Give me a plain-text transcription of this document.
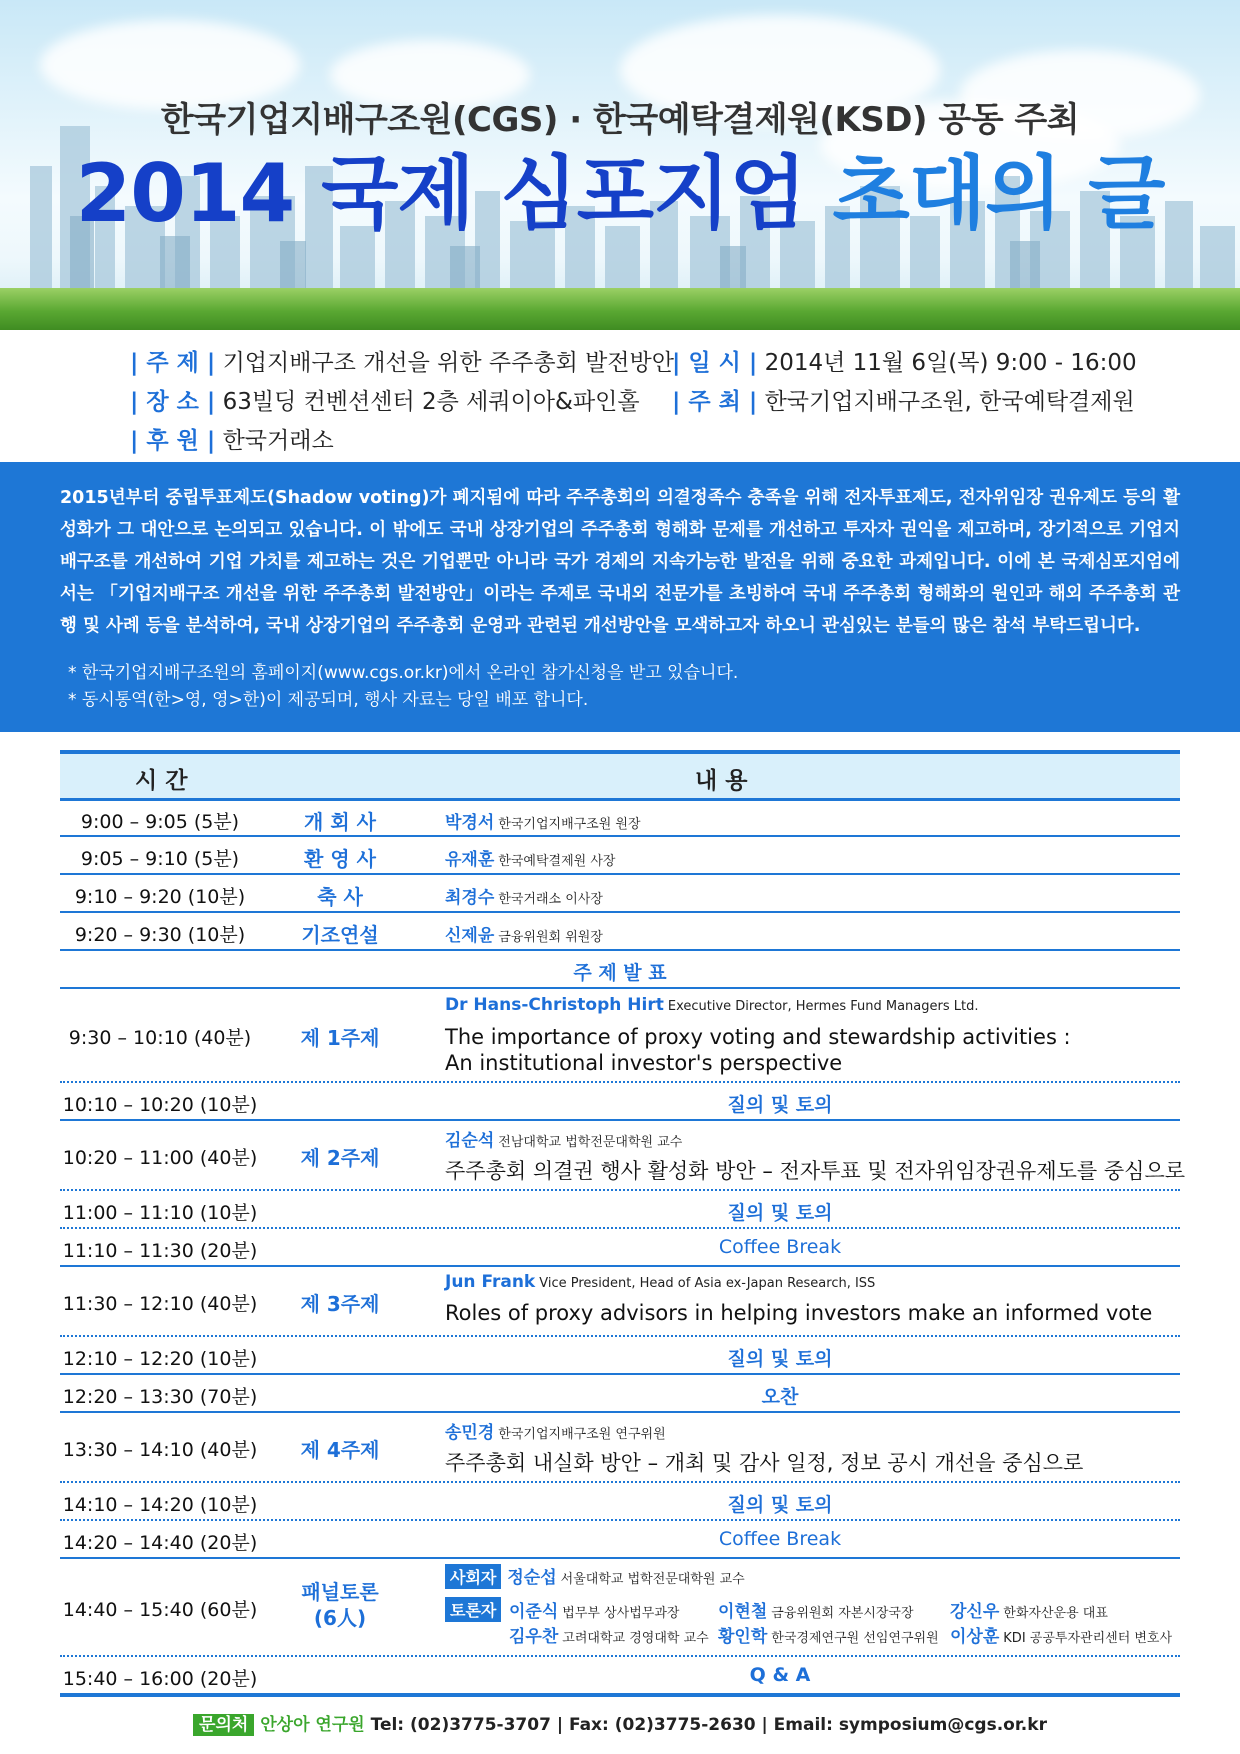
한국기업지배구조원(CGS) · 한국예탁결제원(KSD) 공동 주최
2014 국제 심포지엄 초대의 글
| 주 제 | 기업지배구조 개선을 위한 주주총회 발전방안
| 일 시 | 2014년 11월 6일(목) 9:00 - 16:00
| 장 소 | 63빌딩 컨벤션센터 2층 세쿼이아&파인홀 | 주 최 | 한국기업지배구조원, 한국예탁결제원
| 후 원 | 한국거래소
2015년부터 중립투표제도(Shadow voting)가 폐지됨에 따라 주주총회의 의결정족수 충족을 위해 전자투표제도, 전자위임장 권유제도 등의 활성화가 그 대안으로 논의되고 있습니다. 이 밖에도 국내 상장기업의 주주총회 형해화 문제를 개선하고 투자자 권익을 제고하며, 장기적으로 기업지배구조를 개선하여 기업 가치를 제고하는 것은 기업뿐만 아니라 국가 경제의 지속가능한 발전을 위해 중요한 과제입니다. 이에 본 국제심포지엄에서는 「기업지배구조 개선을 위한 주주총회 발전방안」이라는 주제로 국내외 전문가를 초빙하여 국내 주주총회 형해화의 원인과 해외 주주총회 관행 및 사례 등을 분석하여, 국내 상장기업의 주주총회 운영과 관련된 개선방안을 모색하고자 하오니 관심있는 분들의 많은 참석 부탁드립니다.
* 한국기업지배구조원의 홈페이지(www.cgs.or.kr)에서 온라인 참가신청을 받고 있습니다.
* 동시통역(한>영, 영>한)이 제공되며, 행사 자료는 당일 배포 합니다.
시 간	내 용
9:00 – 9:05 (5분)	개 회 사	박경서 한국기업지배구조원 원장
9:05 – 9:10 (5분)	환 영 사	유재훈 한국예탁결제원 사장
9:10 – 9:20 (10분)	축 사	최경수 한국거래소 이사장
9:20 – 9:30 (10분)	기조연설	신제윤 금융위원회 위원장
주 제 발 표
9:30 – 10:10 (40분)	제 1주제
Dr Hans-Christoph Hirt Executive Director, Hermes Fund Managers Ltd.
The importance of proxy voting and stewardship activities :
An institutional investor's perspective
10:10 – 10:20 (10분)	질의 및 토의
10:20 – 11:00 (40분)	제 2주제
김순석 전남대학교 법학전문대학원 교수
주주총회 의결권 행사 활성화 방안 – 전자투표 및 전자위임장권유제도를 중심으로
11:00 – 11:10 (10분)	질의 및 토의
11:10 – 11:30 (20분)	Coffee Break
11:30 – 12:10 (40분)	제 3주제
Jun Frank Vice President, Head of Asia ex-Japan Research, ISS
Roles of proxy advisors in helping investors make an informed vote
12:10 – 12:20 (10분)	질의 및 토의
12:20 – 13:30 (70분)	오찬
13:30 – 14:10 (40분)	제 4주제
송민경 한국기업지배구조원 연구위원
주주총회 내실화 방안 – 개최 및 감사 일정, 정보 공시 개선을 중심으로
14:10 – 14:20 (10분)	질의 및 토의
14:20 – 14:40 (20분)	Coffee Break
14:40 – 15:40 (60분)
패널토론
(6人)
사회자 정순섭 서울대학교 법학전문대학원 교수
토론자 이준식 법무부 상사법무과장 이현철 금융위원회 자본시장국장 강신우 한화자산운용 대표
김우찬 고려대학교 경영대학 교수 황인학 한국경제연구원 선임연구위원 이상훈 KDI 공공투자관리센터 변호사
15:40 – 16:00 (20분)	Q & A
문의처 안상아 연구원 Tel: (02)3775-3707 | Fax: (02)3775-2630 | Email: symposium@cgs.or.kr
